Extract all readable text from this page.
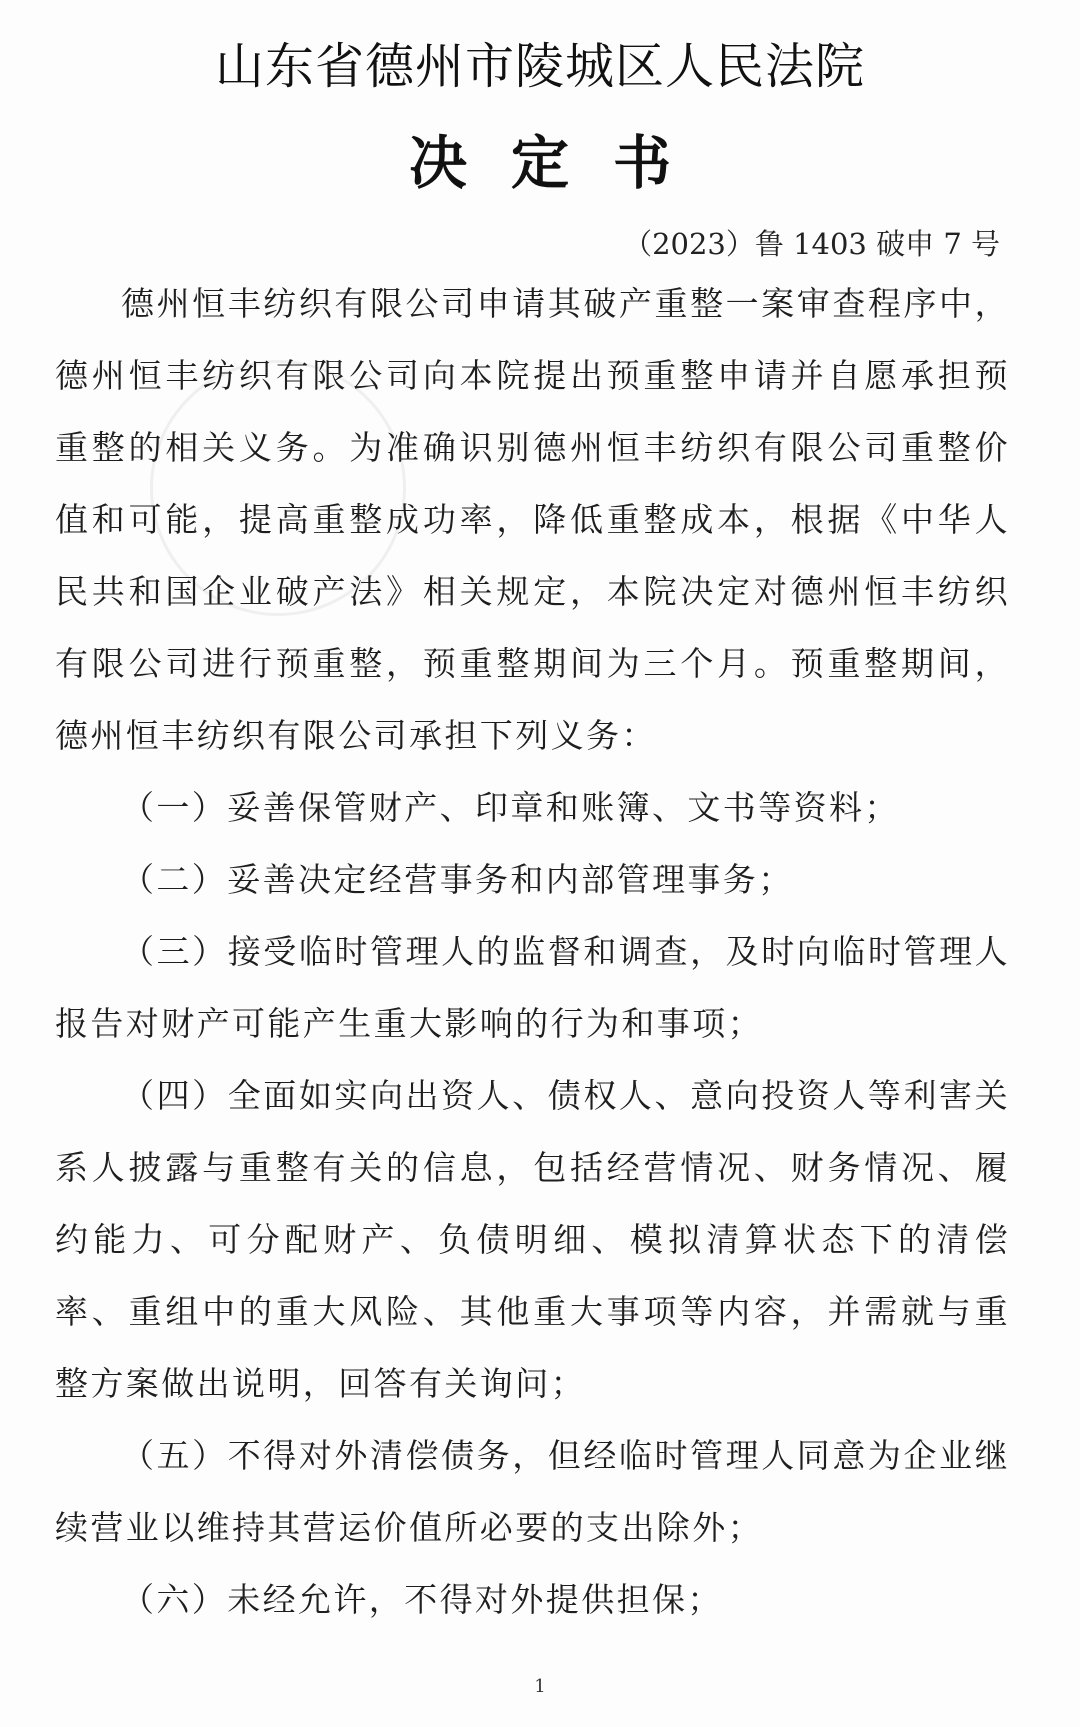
山东省德州市陵城区人民法院
决定书
（2023）鲁 1403 破申 7 号

德州恒丰纺织有限公司申请其破产重整一案审查程序中，德州恒丰纺织有限公司向本院提出预重整申请并自愿承担预重整的相关义务。为准确识别德州恒丰纺织有限公司重整价值和可能，提高重整成功率，降低重整成本，根据《中华人民共和国企业破产法》相关规定，本院决定对德州恒丰纺织有限公司进行预重整，预重整期间为三个月。预重整期间，德州恒丰纺织有限公司承担下列义务：

（一）妥善保管财产、印章和账簿、文书等资料；

（二）妥善决定经营事务和内部管理事务；

（三）接受临时管理人的监督和调查，及时向临时管理人报告对财产可能产生重大影响的行为和事项；

（四）全面如实向出资人、债权人、意向投资人等利害关系人披露与重整有关的信息，包括经营情况、财务情况、履约能力、可分配财产、负债明细、模拟清算状态下的清偿率、重组中的重大风险、其他重大事项等内容，并需就与重整方案做出说明，回答有关询问；

（五）不得对外清偿债务，但经临时管理人同意为企业继续营业以维持其营运价值所必要的支出除外；

（六）未经允许，不得对外提供担保；

1
